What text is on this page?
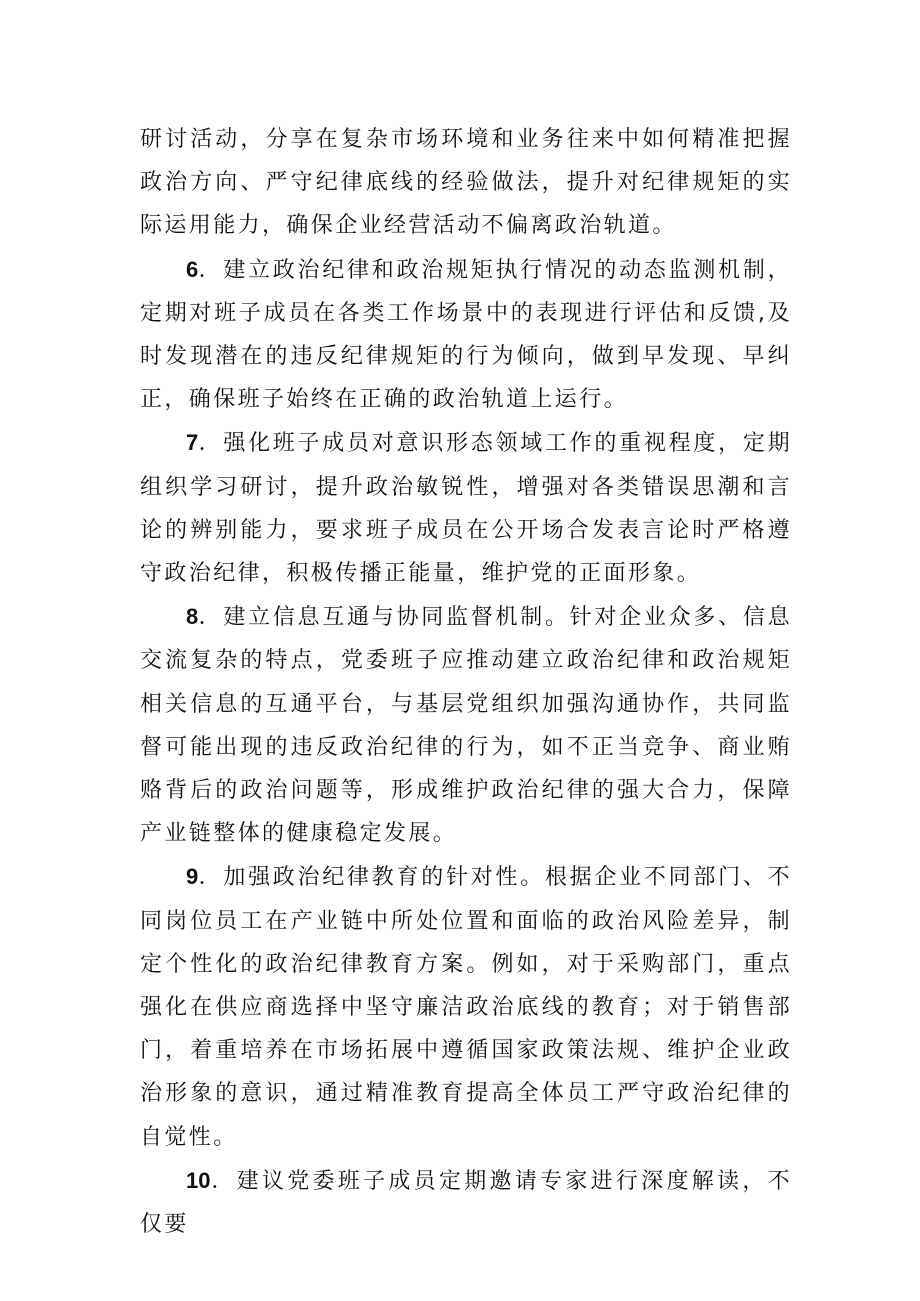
研讨活动，分享在复杂市场环境和业务往来中如何精准把握政治方向、严守纪律底线的经验做法，提升对纪律规矩的实际运用能力，确保企业经营活动不偏离政治轨道。

6．建立政治纪律和政治规矩执行情况的动态监测机制，定期对班子成员在各类工作场景中的表现进行评估和反馈,及时发现潜在的违反纪律规矩的行为倾向，做到早发现、早纠正，确保班子始终在正确的政治轨道上运行。

7．强化班子成员对意识形态领域工作的重视程度，定期组织学习研讨，提升政治敏锐性，增强对各类错误思潮和言论的辨别能力，要求班子成员在公开场合发表言论时严格遵守政治纪律，积极传播正能量，维护党的正面形象。

8．建立信息互通与协同监督机制。针对企业众多、信息交流复杂的特点，党委班子应推动建立政治纪律和政治规矩相关信息的互通平台，与基层党组织加强沟通协作，共同监督可能出现的违反政治纪律的行为，如不正当竞争、商业贿赂背后的政治问题等，形成维护政治纪律的强大合力，保障产业链整体的健康稳定发展。

9．加强政治纪律教育的针对性。根据企业不同部门、不同岗位员工在产业链中所处位置和面临的政治风险差异，制定个性化的政治纪律教育方案。例如，对于采购部门，重点强化在供应商选择中坚守廉洁政治底线的教育；对于销售部门，着重培养在市场拓展中遵循国家政策法规、维护企业政治形象的意识，通过精准教育提高全体员工严守政治纪律的自觉性。

10．建议党委班子成员定期邀请专家进行深度解读，不仅要
